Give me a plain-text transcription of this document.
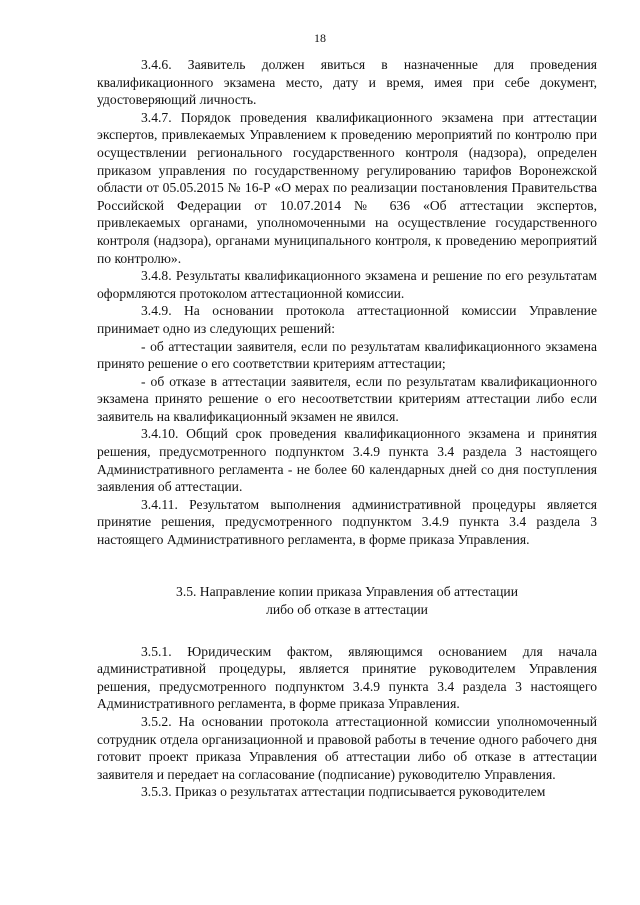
18

3.4.6. Заявитель должен явиться в назначенные для проведения квалификационного экзамена место, дату и время, имея при себе документ, удостоверяющий личность.

3.4.7. Порядок проведения квалификационного экзамена при аттестации экспертов, привлекаемых Управлением к проведению мероприятий по контролю при осуществлении регионального государственного контроля (надзора), определен приказом управления по государственному регулированию тарифов Воронежской области от 05.05.2015 № 16-Р «О мерах по реализации постановления Правительства Российской Федерации от 10.07.2014 № 636 «Об аттестации экспертов, привлекаемых органами, уполномоченными на осуществление государственного контроля (надзора), органами муниципального контроля, к проведению мероприятий по контролю».

3.4.8. Результаты квалификационного экзамена и решение по его результатам оформляются протоколом аттестационной комиссии.

3.4.9. На основании протокола аттестационной комиссии Управление принимает одно из следующих решений:

- об аттестации заявителя, если по результатам квалификационного экзамена принято решение о его соответствии критериям аттестации;

- об отказе в аттестации заявителя, если по результатам квалификационного экзамена принято решение о его несоответствии критериям аттестации либо если заявитель на квалификационный экзамен не явился.

3.4.10. Общий срок проведения квалификационного экзамена и принятия решения, предусмотренного подпунктом 3.4.9 пункта 3.4 раздела 3 настоящего Административного регламента - не более 60 календарных дней со дня поступления заявления об аттестации.

3.4.11. Результатом выполнения административной процедуры является принятие решения, предусмотренного подпунктом 3.4.9 пункта 3.4 раздела 3 настоящего Административного регламента, в форме приказа Управления.

3.5. Направление копии приказа Управления об аттестации
либо об отказе в аттестации

3.5.1. Юридическим фактом, являющимся основанием для начала административной процедуры, является принятие руководителем Управления решения, предусмотренного подпунктом 3.4.9 пункта 3.4 раздела 3 настоящего Административного регламента, в форме приказа Управления.

3.5.2. На основании протокола аттестационной комиссии уполномоченный сотрудник отдела организационной и правовой работы в течение одного рабочего дня готовит проект приказа Управления об аттестации либо об отказе в аттестации заявителя и передает на согласование (подписание) руководителю Управления.

3.5.3. Приказ о результатах аттестации подписывается руководителем
